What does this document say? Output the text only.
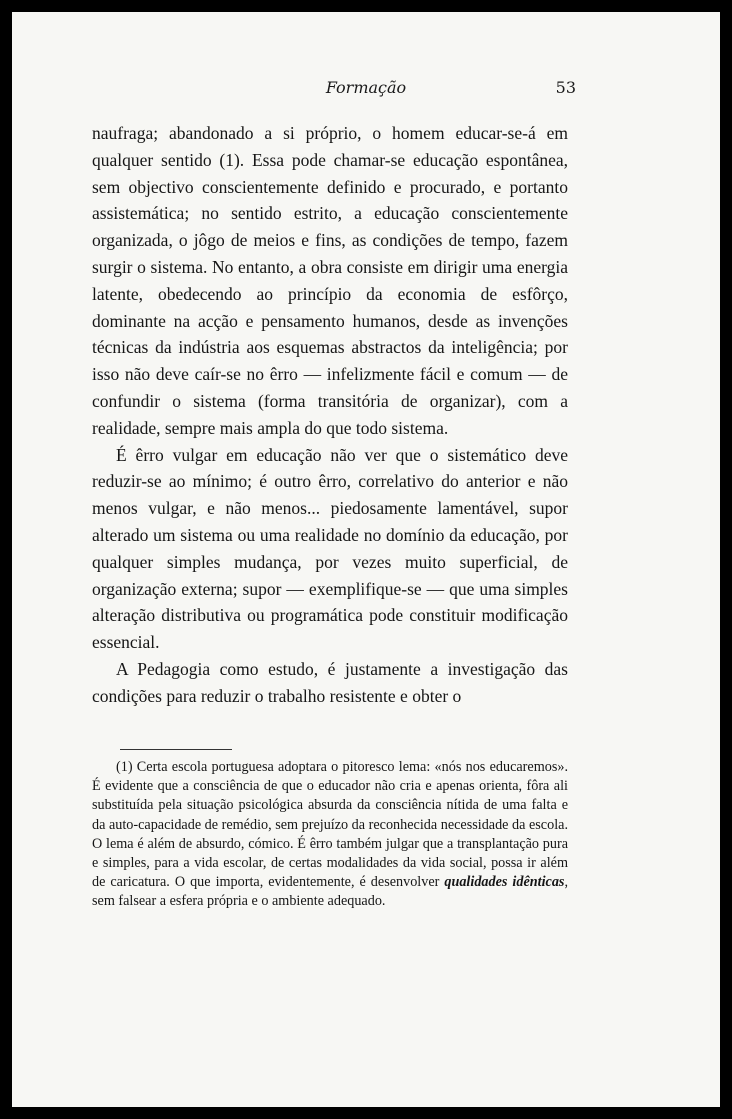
Formação	53

naufraga; abandonado a si próprio, o homem educar-se-á em qualquer sentido (1). Essa pode chamar-se educação espontânea, sem objectivo conscientemente definido e procurado, e portanto assistemática; no sentido estrito, a educação conscientemente organizada, o jôgo de meios e fins, as condições de tempo, fazem surgir o sistema. No entanto, a obra consiste em dirigir uma energia latente, obedecendo ao princípio da economia de esfôrço, dominante na acção e pensamento humanos, desde as invenções técnicas da indústria aos esquemas abstractos da inteligência; por isso não deve caír-se no êrro — infelizmente fácil e comum — de confundir o sistema (forma transitória de organizar), com a realidade, sempre mais ampla do que todo sistema.

É êrro vulgar em educação não ver que o sistemático deve reduzir-se ao mínimo; é outro êrro, correlativo do anterior e não menos vulgar, e não menos... piedosamente lamentável, supor alterado um sistema ou uma realidade no domínio da educação, por qualquer simples mudança, por vezes muito superficial, de organização externa; supor — exemplifique-se — que uma simples alteração distributiva ou programática pode constituir modificação essencial.

A Pedagogia como estudo, é justamente a investigação das condições para reduzir o trabalho resistente e obter o

(1) Certa escola portuguesa adoptara o pitoresco lema: «nós nos educaremos». É evidente que a consciência de que o educador não cria e apenas orienta, fôra ali substituída pela situação psicológica absurda da consciência nítida de uma falta e da auto-capacidade de remédio, sem prejuízo da reconhecida necessidade da escola. O lema é além de absurdo, cómico. É êrro também julgar que a transplantação pura e simples, para a vida escolar, de certas modalidades da vida social, possa ir além de caricatura. O que importa, evidentemente, é desenvolver qualidades idênticas, sem falsear a esfera própria e o ambiente adequado.
